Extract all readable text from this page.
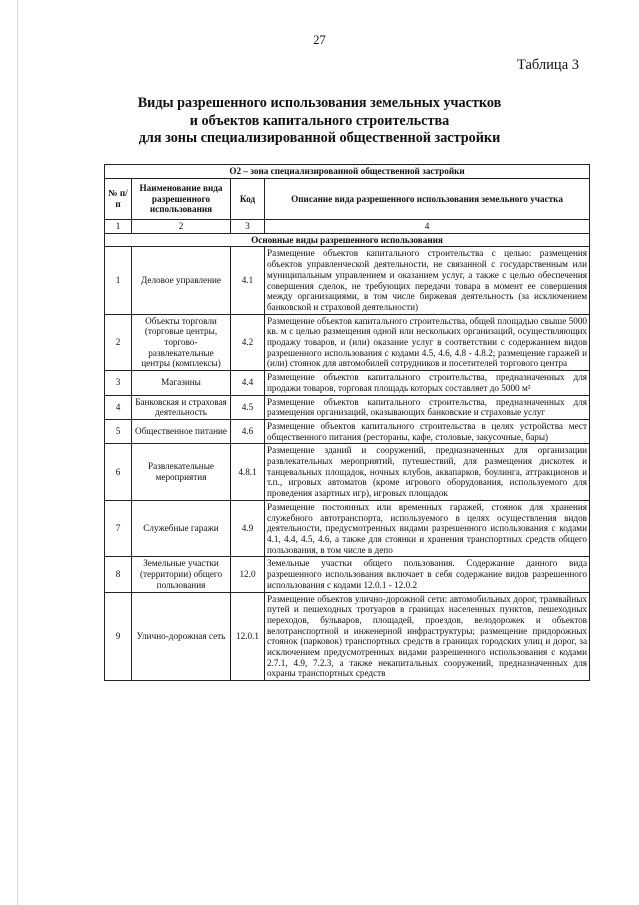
27
Таблица 3
Виды разрешенного использования земельных участков
и объектов капитального строительства
для зоны специализированной общественной застройки
О2 – зона специализированной общественной застройки			
№ п/п	Наименование вида разрешенного использования	Код	Описание вида разрешенного использования земельного участка
1	2	3	4
Основные виды разрешенного использования			
1	Деловое управление	4.1	Размещение объектов капитального строительства с целью: размещения объектов управленческой деятельности, не связанной с государственным или муниципальным управлением и оказанием услуг, а также с целью обеспечения совершения сделок, не требующих передачи товара в момент ее совершения между организациями, в том числе биржевая деятельность (за исключением банковской и страховой деятельности)
2	Объекты торговли (торговые центры, торгово-развлекательные центры (комплексы)	4.2	Размещение объектов капитального строительства, общей площадью свыше 5000 кв. м с целью размещения одной или нескольких организаций, осуществляющих продажу товаров, и (или) оказание услуг в соответствии с содержанием видов разрешенного использования с кодами 4.5, 4.6, 4.8 - 4.8.2; размещение гаражей и (или) стоянок для автомобилей сотрудников и посетителей торгового центра
3	Магазины	4.4	Размещение объектов капитального строительства, предназначенных для продажи товаров, торговая площадь которых составляет до 5000 м²
4	Банковская и страховая деятельность	4.5	Размещение объектов капитального строительства, предназначенных для размещения организаций, оказывающих банковские и страховые услуг
5	Общественное питание	4.6	Размещение объектов капитального строительства в целях устройства мест общественного питания (рестораны, кафе, столовые, закусочные, бары)
6	Развлекательные мероприятия	4.8.1	Размещение зданий и сооружений, предназначенных для организации развлекательных мероприятий, путешествий, для размещения дискотек и танцевальных площадок, ночных клубов, аквапарков, боулинга, аттракционов и т.п., игровых автоматов (кроме игрового оборудования, используемого для проведения азартных игр), игровых площадок
7	Служебные гаражи	4.9	Размещение постоянных или временных гаражей, стоянок для хранения служебного автотранспорта, используемого в целях осуществления видов деятельности, предусмотренных видами разрешенного использования с кодами 4.1, 4.4, 4.5, 4.6, а также для стоянки и хранения транспортных средств общего пользования, в том числе в депо
8	Земельные участки (территории) общего пользования	12.0	Земельные участки общего пользования. Содержание данного вида разрешенного использования включает в себя содержание видов разрешенного использования с кодами 12.0.1 - 12.0.2
9	Улично-дорожная сеть	12.0.1	Размещение объектов улично-дорожной сети: автомобильных дорог, трамвайных путей и пешеходных тротуаров в границах населенных пунктов, пешеходных переходов, бульваров, площадей, проездов, велодорожек и объектов велотранспортной и инженерной инфраструктуры; размещение придорожных стоянок (парковок) транспортных средств в границах городских улиц и дорог, за исключением предусмотренных видами разрешенного использования с кодами 2.7.1, 4.9, 7.2.3, а также некапитальных сооружений, предназначенных для охраны транспортных средств
